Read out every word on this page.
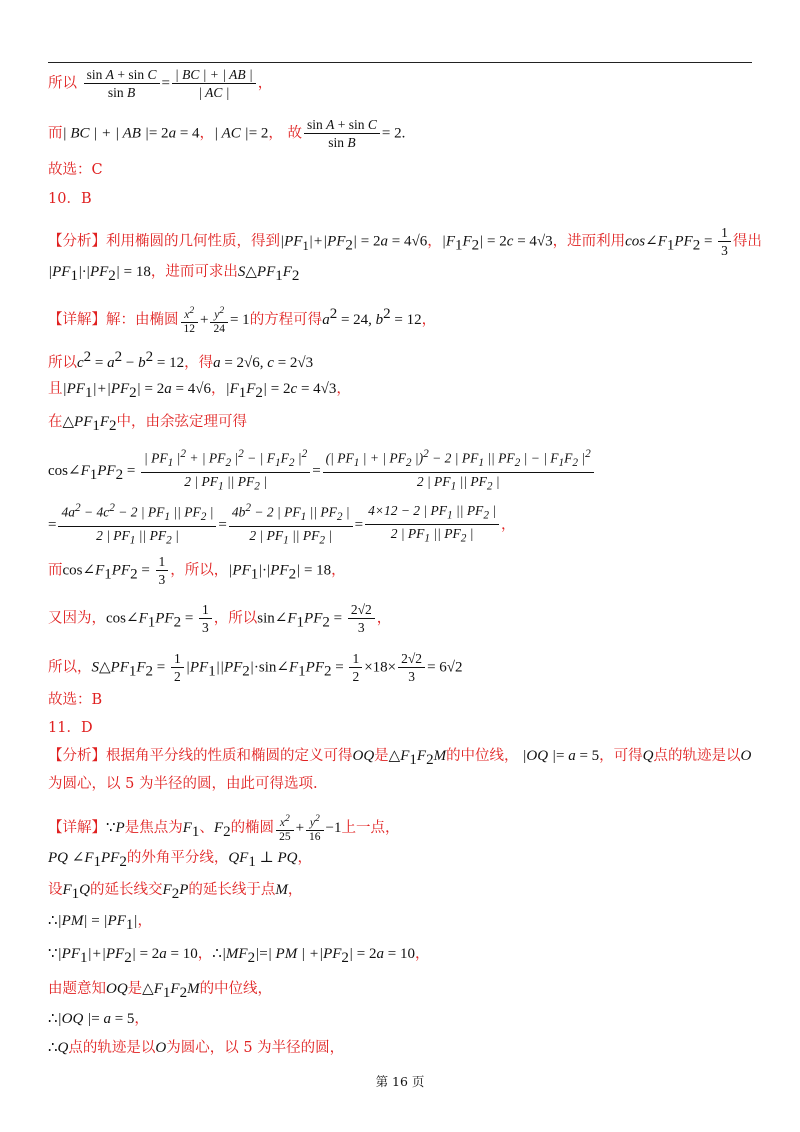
所以 $\frac{\text{sin A + sin C}}{\text{sin B}} = \frac{| BC | + | AB |}{| AC |}$ ，
而| BC | + | AB |= 2a = 4，| AC |= 2， 故 $\frac{\text{sin A + sin C}}{\text{sin B}} = 2$.
故选：C
10．B
【分析】利用椭圆的几何性质，得到$|PF_1|+|PF_2| = 2a = 4√6$，$|F_1F_2| = 2c = 4√3$，进而利用$\cos\angle F_1PF_2 = \frac{1}{3}$ 得出
$|PF_1|\cdot|PF_2| = 18$，进而可求出$S\triangle PF_1F_2$
【详解】解：由椭圆 $\frac{x^2}{12} + \frac{y^2}{24} = 1$的方程可得$a^2 = 24$, $b^2 = 12$，
所以$c^2 = a^2 - b^2 = 12$，得a = 2√6, c = 2√3
且$|PF_1|+|PF_2| = 2a = 4√6$，$|F_1F_2| = 2c = 4√3$，
在$\triangle PF_1F_2$中，由余弦定理可得
$\cos\angle F_1PF_2 = \frac{| PF_1 |^2 + | PF_2 |^2 - | F_1F_2 |^2}{2 | PF_1 || PF_2 |} = \frac{(| PF_1 | + | PF_2 |)^2 - 2 | PF_1 || PF_2 | - | F_1F_2 |^2}{2 | PF_1 || PF_2 |}$
= $\frac{4a^2 - 4c^2 - 2 | PF_1 || PF_2 |}{2 | PF_1 || PF_2 |} = \frac{4b^2 - 2 | PF_1 || PF_2 |}{2 | PF_1 || PF_2 |} = \frac{4\times 12 - 2 | PF_1 || PF_2 |}{2 | PF_1 || PF_2 |}$ ，
而$\cos\angle F_1PF_2 = \frac{1}{3}$ ，所以，$|PF_1|\cdot|PF_2| = 18$，
又因为，$\cos\angle F_1PF_2 = \frac{1}{3}$ ，所以$\sin\angle F_1PF_2 = \frac{2√2}{3}$ ，
所以，$S\triangle PF_1F_2 = \frac{1}{2}$ $|PF_1||PF_2|\cdot\sin\angle F_1PF_2 = \frac{1}{2} \times 18\times \frac{2√2}{3} = 6√2$
故选：B
11．D
【分析】根据角平分线的性质和椭圆的定义可得OQ是$\triangle F_1F_2M$的中位线， |OQ |= a = 5，可得Q点的轨迹是以O
为圆心，以 5 为半径的圆，由此可得选项.
【详解】∵P是焦点为$F_1$、$F_2$的椭圆 $\frac{x^2}{25} + \frac{y^2}{16} -1$上一点，
PQ $\angle F_1PF_2$的外角平分线，$QF_1$ ⊥ PQ，
设$F_1Q$的延长线交$F_2P$的延长线于点M，
∴|PM| = $|PF_1|$，
$\because|PF_1|+|PF_2| = 2a = 10$，$\therefore|MF_2|=|$ PM | $+|PF_2| = 2a = 10$，
由题意知OQ是$\triangle F_1F_2M$的中位线，
∴|OQ |= a = 5，
∴Q点的轨迹是以O为圆心，以 5 为半径的圆，
第 16 页
